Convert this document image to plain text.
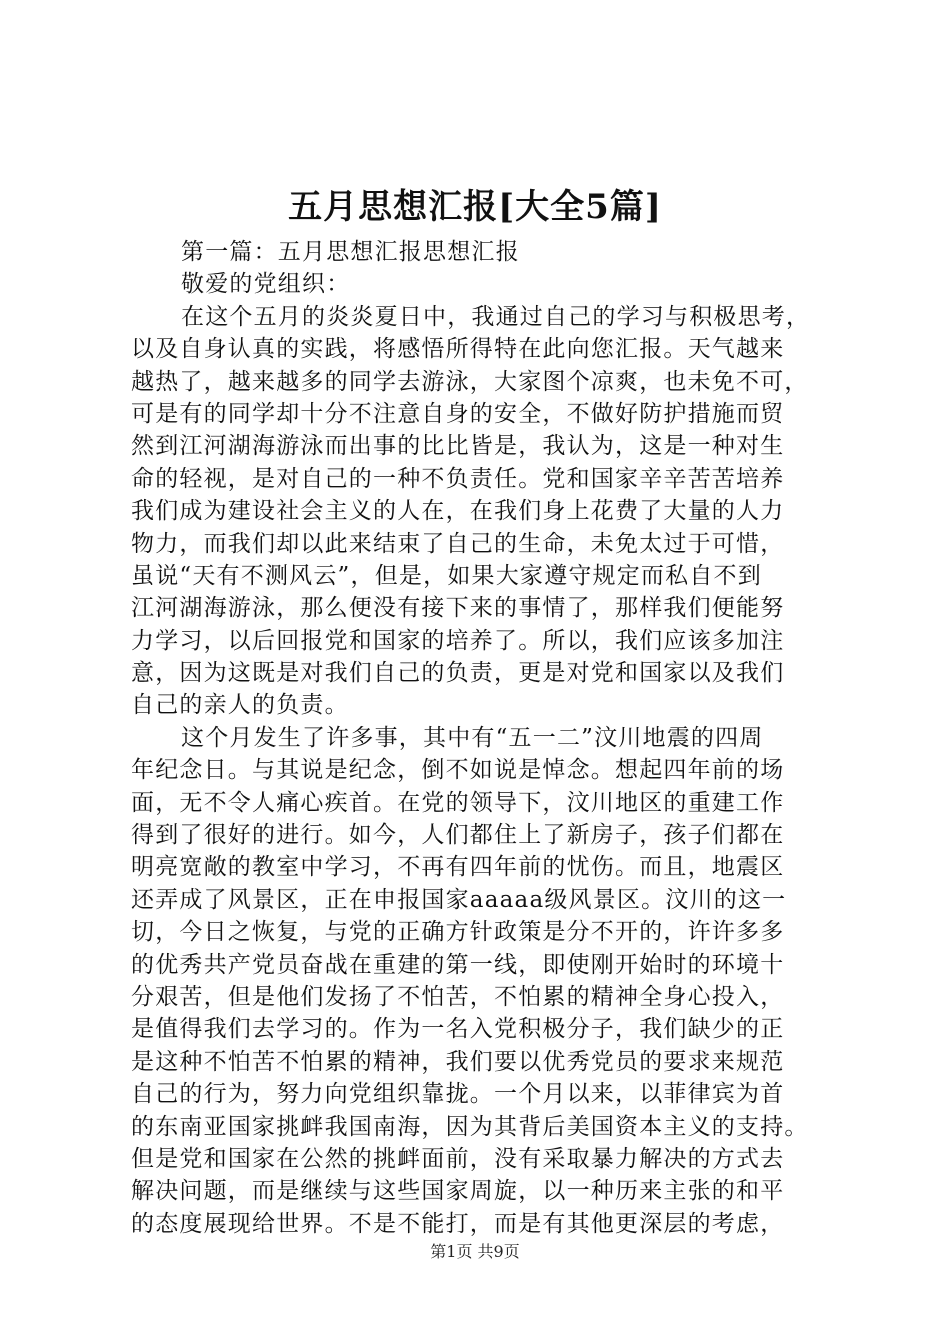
五月思想汇报[大全5篇]
第一篇：五月思想汇报思想汇报
敬爱的党组织：
在这个五月的炎炎夏日中，我通过自己的学习与积极思考，
以及自身认真的实践，将感悟所得特在此向您汇报。天气越来
越热了，越来越多的同学去游泳，大家图个凉爽，也未免不可，
可是有的同学却十分不注意自身的安全，不做好防护措施而贸
然到江河湖海游泳而出事的比比皆是，我认为，这是一种对生
命的轻视，是对自己的一种不负责任。党和国家辛辛苦苦培养
我们成为建设社会主义的人在，在我们身上花费了大量的人力
物力，而我们却以此来结束了自己的生命，未免太过于可惜，
虽说“天有不测风云”，但是，如果大家遵守规定而私自不到
江河湖海游泳，那么便没有接下来的事情了，那样我们便能努
力学习，以后回报党和国家的培养了。所以，我们应该多加注
意，因为这既是对我们自己的负责，更是对党和国家以及我们
自己的亲人的负责。
这个月发生了许多事，其中有“五一二”汶川地震的四周
年纪念日。与其说是纪念，倒不如说是悼念。想起四年前的场
面，无不令人痛心疾首。在党的领导下，汶川地区的重建工作
得到了很好的进行。如今，人们都住上了新房子，孩子们都在
明亮宽敞的教室中学习，不再有四年前的忧伤。而且，地震区
还弄成了风景区，正在申报国家aaaaa级风景区。汶川的这一
切，今日之恢复，与党的正确方针政策是分不开的，许许多多
的优秀共产党员奋战在重建的第一线，即使刚开始时的环境十
分艰苦，但是他们发扬了不怕苦，不怕累的精神全身心投入，
是值得我们去学习的。作为一名入党积极分子，我们缺少的正
是这种不怕苦不怕累的精神，我们要以优秀党员的要求来规范
自己的行为，努力向党组织靠拢。一个月以来，以菲律宾为首
的东南亚国家挑衅我国南海，因为其背后美国资本主义的支持。
但是党和国家在公然的挑衅面前，没有采取暴力解决的方式去
解决问题，而是继续与这些国家周旋，以一种历来主张的和平
的态度展现给世界。不是不能打，而是有其他更深层的考虑，
第1页 共9页
